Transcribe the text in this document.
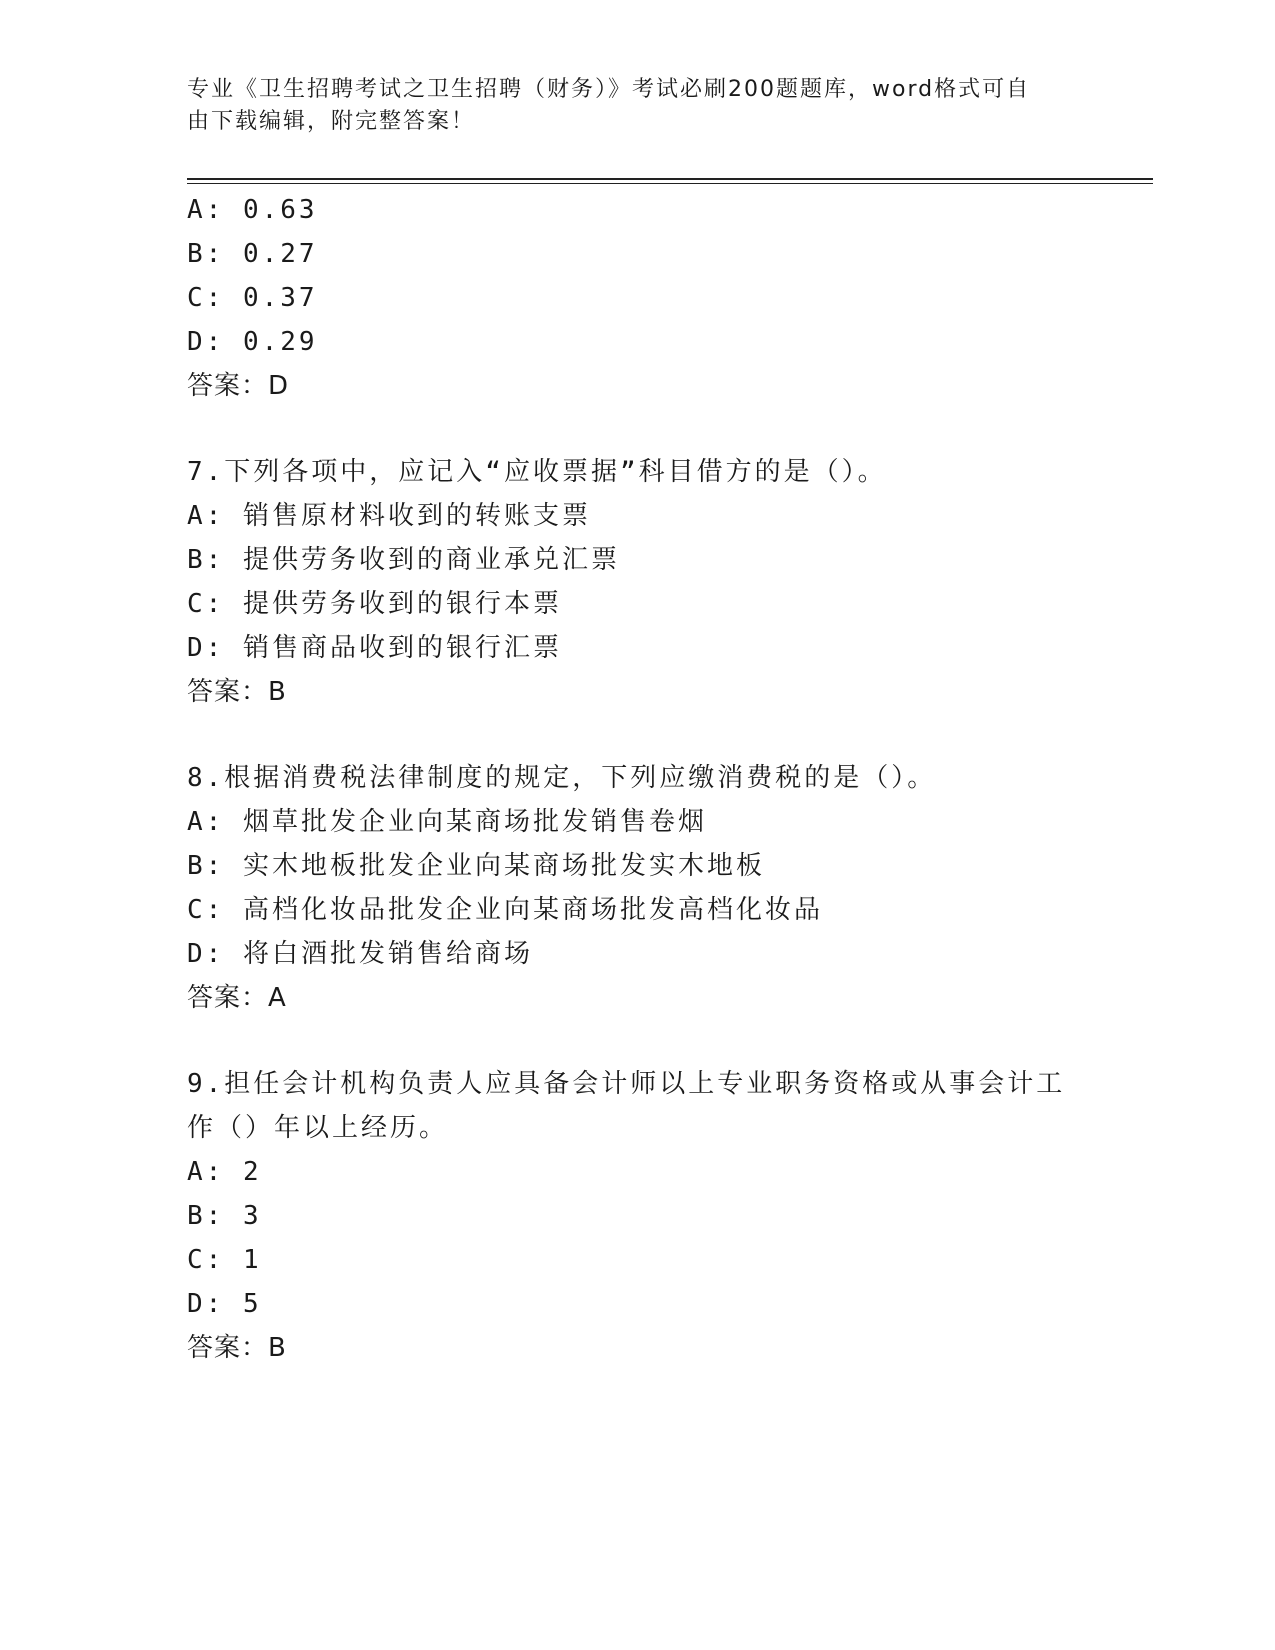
专业《卫生招聘考试之卫生招聘（财务）》考试必刷200题题库，word格式可自
由下载编辑，附完整答案！
A: 0.63
B: 0.27
C: 0.37
D: 0.29
答案：D
7.下列各项中，应记入“应收票据”科目借方的是（）。
A: 销售原材料收到的转账支票
B: 提供劳务收到的商业承兑汇票
C: 提供劳务收到的银行本票
D: 销售商品收到的银行汇票
答案：B
8.根据消费税法律制度的规定，下列应缴消费税的是（）。
A: 烟草批发企业向某商场批发销售卷烟
B: 实木地板批发企业向某商场批发实木地板
C: 高档化妆品批发企业向某商场批发高档化妆品
D: 将白酒批发销售给商场
答案：A
9.担任会计机构负责人应具备会计师以上专业职务资格或从事会计工
作（）年以上经历。
A: 2
B: 3
C: 1
D: 5
答案：B
